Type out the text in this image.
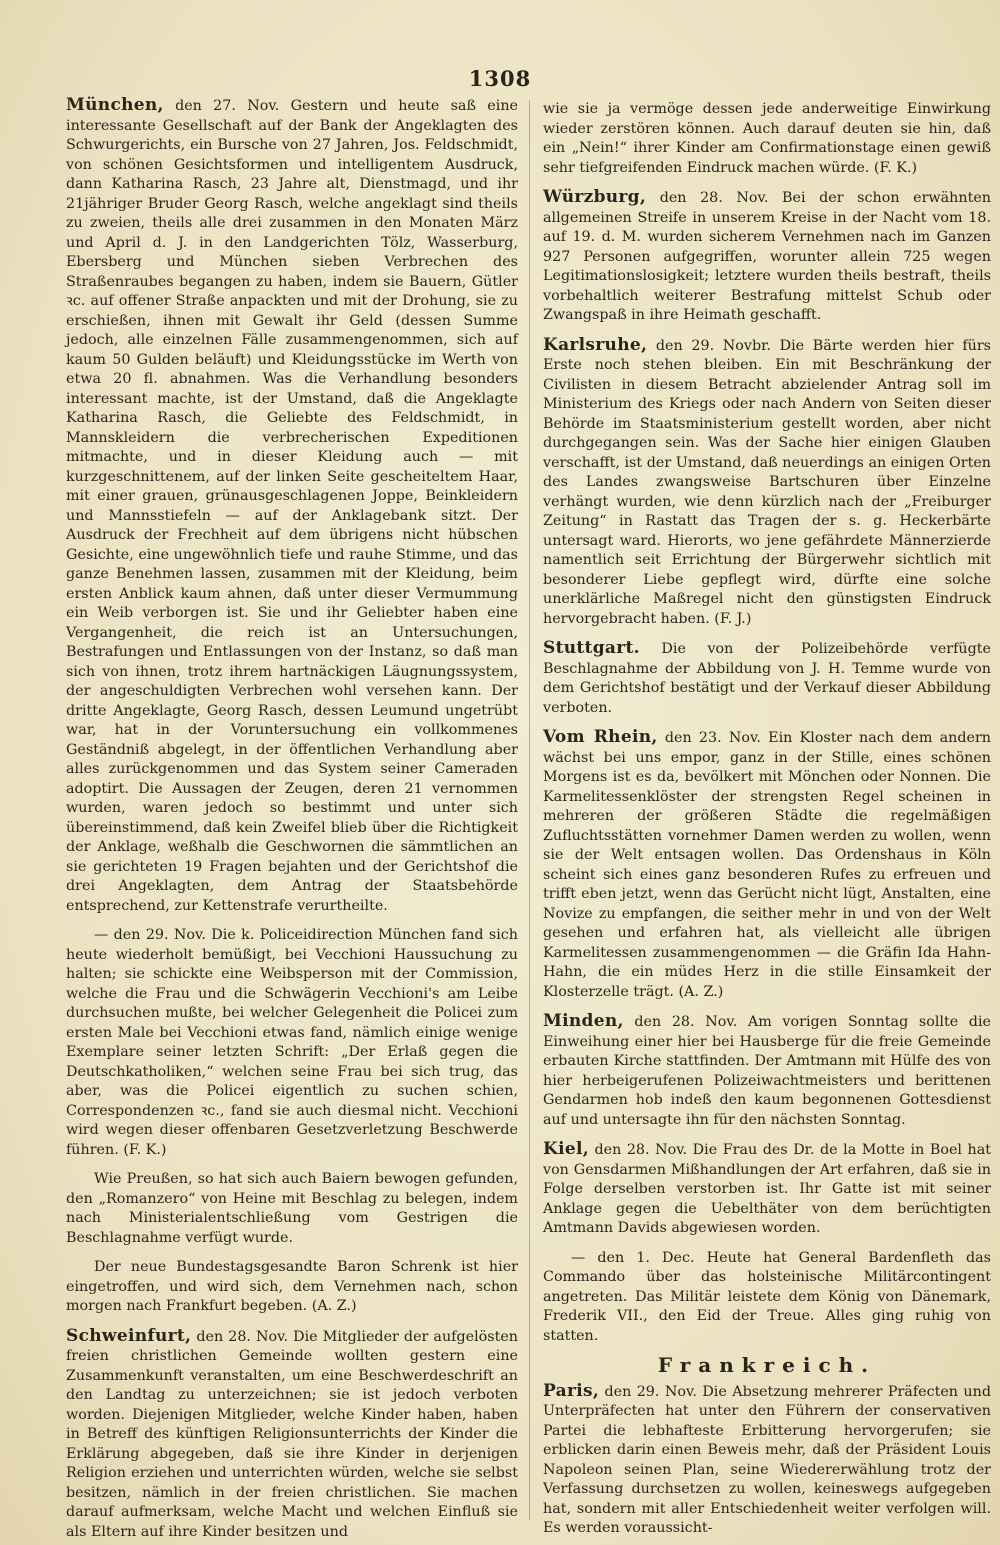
1308

München, den 27. Nov. Gestern und heute saß eine interessante Gesellschaft auf der Bank der Angeklagten des Schwurgerichts, ein Bursche von 27 Jahren, Jos. Feldschmidt, von schönen Gesichtsformen und intelligentem Ausdruck, dann Katharina Rasch, 23 Jahre alt, Dienstmagd, und ihr 21jähriger Bruder Georg Rasch, welche angeklagt sind theils zu zweien, theils alle drei zusammen in den Monaten März und April d. J. in den Landgerichten Tölz, Wasserburg, Ebersberg und München sieben Verbrechen des Straßenraubes begangen zu haben, indem sie Bauern, Gütler ꝛc. auf offener Straße anpackten und mit der Drohung, sie zu erschießen, ihnen mit Gewalt ihr Geld (dessen Summe jedoch, alle einzelnen Fälle zusammengenommen, sich auf kaum 50 Gulden beläuft) und Kleidungsstücke im Werth von etwa 20 fl. abnahmen. Was die Verhandlung besonders interessant machte, ist der Umstand, daß die Angeklagte Katharina Rasch, die Geliebte des Feldschmidt, in Mannskleidern die verbrecherischen Expeditionen mitmachte, und in dieser Kleidung auch — mit kurzgeschnittenem, auf der linken Seite gescheiteltem Haar, mit einer grauen, grünausgeschlagenen Joppe, Beinkleidern und Mannsstiefeln — auf der Anklagebank sitzt. Der Ausdruck der Frechheit auf dem übrigens nicht hübschen Gesichte, eine ungewöhnlich tiefe und rauhe Stimme, und das ganze Benehmen lassen, zusammen mit der Kleidung, beim ersten Anblick kaum ahnen, daß unter dieser Vermummung ein Weib verborgen ist. Sie und ihr Geliebter haben eine Vergangenheit, die reich ist an Untersuchungen, Bestrafungen und Entlassungen von der Instanz, so daß man sich von ihnen, trotz ihrem hartnäckigen Läugnungssystem, der angeschuldigten Verbrechen wohl versehen kann. Der dritte Angeklagte, Georg Rasch, dessen Leumund ungetrübt war, hat in der Voruntersuchung ein vollkommenes Geständniß abgelegt, in der öffentlichen Verhandlung aber alles zurückgenommen und das System seiner Cameraden adoptirt. Die Aussagen der Zeugen, deren 21 vernommen wurden, waren jedoch so bestimmt und unter sich übereinstimmend, daß kein Zweifel blieb über die Richtigkeit der Anklage, weßhalb die Geschwornen die sämmtlichen an sie gerichteten 19 Fragen bejahten und der Gerichtshof die drei Angeklagten, dem Antrag der Staatsbehörde entsprechend, zur Kettenstrafe verurtheilte.

— den 29. Nov. Die k. Policeidirection München fand sich heute wiederholt bemüßigt, bei Vecchioni Haussuchung zu halten; sie schickte eine Weibsperson mit der Commission, welche die Frau und die Schwägerin Vecchioni's am Leibe durchsuchen mußte, bei welcher Gelegenheit die Policei zum ersten Male bei Vecchioni etwas fand, nämlich einige wenige Exemplare seiner letzten Schrift: „Der Erlaß gegen die Deutschkatholiken,“ welchen seine Frau bei sich trug, das aber, was die Policei eigentlich zu suchen schien, Correspondenzen ꝛc., fand sie auch diesmal nicht. Vecchioni wird wegen dieser offenbaren Gesetzverletzung Beschwerde führen. (F. K.)

Wie Preußen, so hat sich auch Baiern bewogen gefunden, den „Romanzero“ von Heine mit Beschlag zu belegen, indem nach Ministerialentschließung vom Gestrigen die Beschlagnahme verfügt wurde.

Der neue Bundestagsgesandte Baron Schrenk ist hier eingetroffen, und wird sich, dem Vernehmen nach, schon morgen nach Frankfurt begeben. (A. Z.)

Schweinfurt, den 28. Nov. Die Mitglieder der aufgelösten freien christlichen Gemeinde wollten gestern eine Zusammenkunft veranstalten, um eine Beschwerdeschrift an den Landtag zu unterzeichnen; sie ist jedoch verboten worden. Diejenigen Mitglieder, welche Kinder haben, haben in Betreff des künftigen Religionsunterrichts der Kinder die Erklärung abgegeben, daß sie ihre Kinder in derjenigen Religion erziehen und unterrichten würden, welche sie selbst besitzen, nämlich in der freien christlichen. Sie machen darauf aufmerksam, welche Macht und welchen Einfluß sie als Eltern auf ihre Kinder besitzen und

wie sie ja vermöge dessen jede anderweitige Einwirkung wieder zerstören können. Auch darauf deuten sie hin, daß ein „Nein!“ ihrer Kinder am Confirmationstage einen gewiß sehr tiefgreifenden Eindruck machen würde. (F. K.)

Würzburg, den 28. Nov. Bei der schon erwähnten allgemeinen Streife in unserem Kreise in der Nacht vom 18. auf 19. d. M. wurden sicherem Vernehmen nach im Ganzen 927 Personen aufgegriffen, worunter allein 725 wegen Legitimationslosigkeit; letztere wurden theils bestraft, theils vorbehaltlich weiterer Bestrafung mittelst Schub oder Zwangspaß in ihre Heimath geschafft.

Karlsruhe, den 29. Novbr. Die Bärte werden hier fürs Erste noch stehen bleiben. Ein mit Beschränkung der Civilisten in diesem Betracht abzielender Antrag soll im Ministerium des Kriegs oder nach Andern von Seiten dieser Behörde im Staatsministerium gestellt worden, aber nicht durchgegangen sein. Was der Sache hier einigen Glauben verschafft, ist der Umstand, daß neuerdings an einigen Orten des Landes zwangsweise Bartschuren über Einzelne verhängt wurden, wie denn kürzlich nach der „Freiburger Zeitung“ in Rastatt das Tragen der s. g. Heckerbärte untersagt ward. Hierorts, wo jene gefährdete Männerzierde namentlich seit Errichtung der Bürgerwehr sichtlich mit besonderer Liebe gepflegt wird, dürfte eine solche unerklärliche Maßregel nicht den günstigsten Eindruck hervorgebracht haben. (F. J.)

Stuttgart. Die von der Polizeibehörde verfügte Beschlagnahme der Abbildung von J. H. Temme wurde von dem Gerichtshof bestätigt und der Verkauf dieser Abbildung verboten.

Vom Rhein, den 23. Nov. Ein Kloster nach dem andern wächst bei uns empor, ganz in der Stille, eines schönen Morgens ist es da, bevölkert mit Mönchen oder Nonnen. Die Karmelitessenklöster der strengsten Regel scheinen in mehreren der größeren Städte die regelmäßigen Zufluchtsstätten vornehmer Damen werden zu wollen, wenn sie der Welt entsagen wollen. Das Ordenshaus in Köln scheint sich eines ganz besonderen Rufes zu erfreuen und trifft eben jetzt, wenn das Gerücht nicht lügt, Anstalten, eine Novize zu empfangen, die seither mehr in und von der Welt gesehen und erfahren hat, als vielleicht alle übrigen Karmelitessen zusammengenommen — die Gräfin Ida Hahn-Hahn, die ein müdes Herz in die stille Einsamkeit der Klosterzelle trägt. (A. Z.)

Minden, den 28. Nov. Am vorigen Sonntag sollte die Einweihung einer hier bei Hausberge für die freie Gemeinde erbauten Kirche stattfinden. Der Amtmann mit Hülfe des von hier herbeigerufenen Polizeiwachtmeisters und berittenen Gendarmen hob indeß den kaum begonnenen Gottesdienst auf und untersagte ihn für den nächsten Sonntag.

Kiel, den 28. Nov. Die Frau des Dr. de la Motte in Boel hat von Gensdarmen Mißhandlungen der Art erfahren, daß sie in Folge derselben verstorben ist. Ihr Gatte ist mit seiner Anklage gegen die Uebelthäter von dem berüchtigten Amtmann Davids abgewiesen worden.

— den 1. Dec. Heute hat General Bardenfleth das Commando über das holsteinische Militärcontingent angetreten. Das Militär leistete dem König von Dänemark, Frederik VII., den Eid der Treue. Alles ging ruhig von statten.

Frankreich.

Paris, den 29. Nov. Die Absetzung mehrerer Präfecten und Unterpräfecten hat unter den Führern der conservativen Partei die lebhafteste Erbitterung hervorgerufen; sie erblicken darin einen Beweis mehr, daß der Präsident Louis Napoleon seinen Plan, seine Wiedererwählung trotz der Verfassung durchsetzen zu wollen, keineswegs aufgegeben hat, sondern mit aller Entschiedenheit weiter verfolgen will. Es werden voraussicht-
